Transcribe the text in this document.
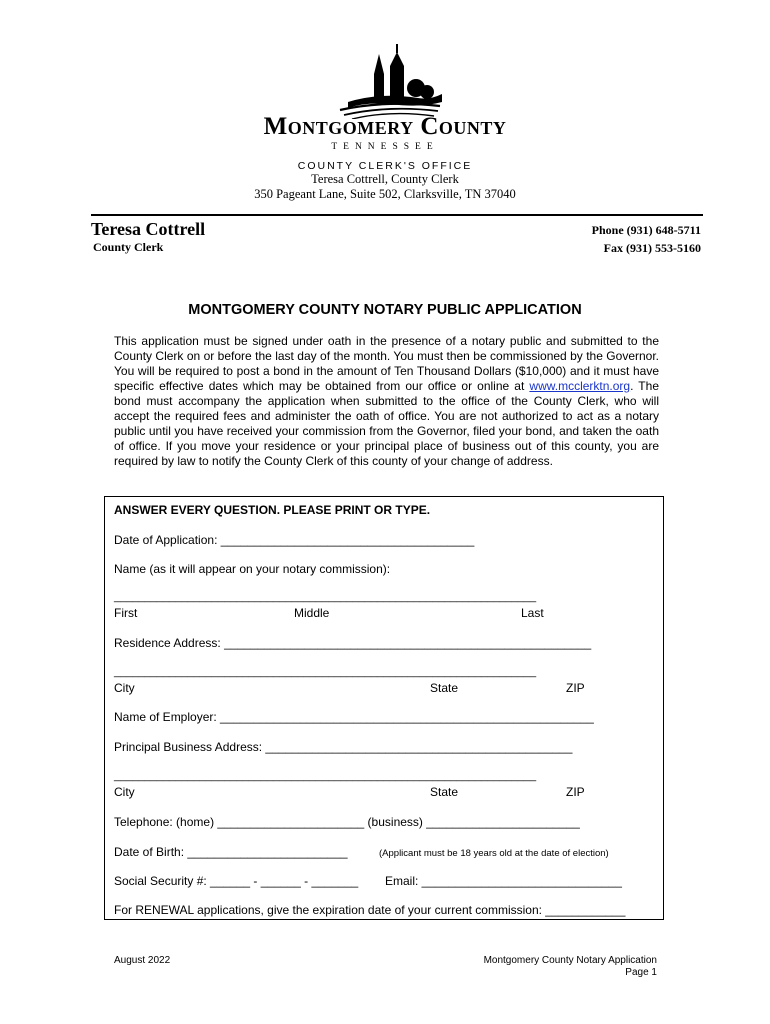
Montgomery County
TENNESSEE
COUNTY CLERK'S OFFICE
Teresa Cottrell, County Clerk
350 Pageant Lane, Suite 502, Clarksville, TN 37040
Teresa Cottrell
County Clerk
Phone (931) 648-5711
Fax (931) 553-5160
MONTGOMERY COUNTY NOTARY PUBLIC APPLICATION
This application must be signed under oath in the presence of a notary public and submitted to the County Clerk on or before the last day of the month. You must then be commissioned by the Governor. You will be required to post a bond in the amount of Ten Thousand Dollars ($10,000) and it must have specific effective dates which may be obtained from our office or online at www.mcclerktn.org. The bond must accompany the application when submitted to the office of the County Clerk, who will accept the required fees and administer the oath of office. You are not authorized to act as a notary public until you have received your commission from the Governor, filed your bond, and taken the oath of office. If you move your residence or your principal place of business out of this county, you are required by law to notify the County Clerk of this county of your change of address.
ANSWER EVERY QUESTION. PLEASE PRINT OR TYPE.
Date of Application: ______________________________________
Name (as it will appear on your notary commission):
_____________________________________________________________________
First	Middle	Last
Residence Address: _______________________________________________________
_____________________________________________________________________
City	State	ZIP
Name of Employer: ________________________________________________________
Principal Business Address: ______________________________________________
_____________________________________________________________________
City	State	ZIP
Telephone: (home) ______________________ (business) _______________________
Date of Birth: ________________________	(Applicant must be 18 years old at the date of election)
Social Security #: ______ - ______ - _______ Email: ______________________________
For RENEWAL applications, give the expiration date of your current commission: ____________
August 2022	Montgomery County Notary Application
Page 1
